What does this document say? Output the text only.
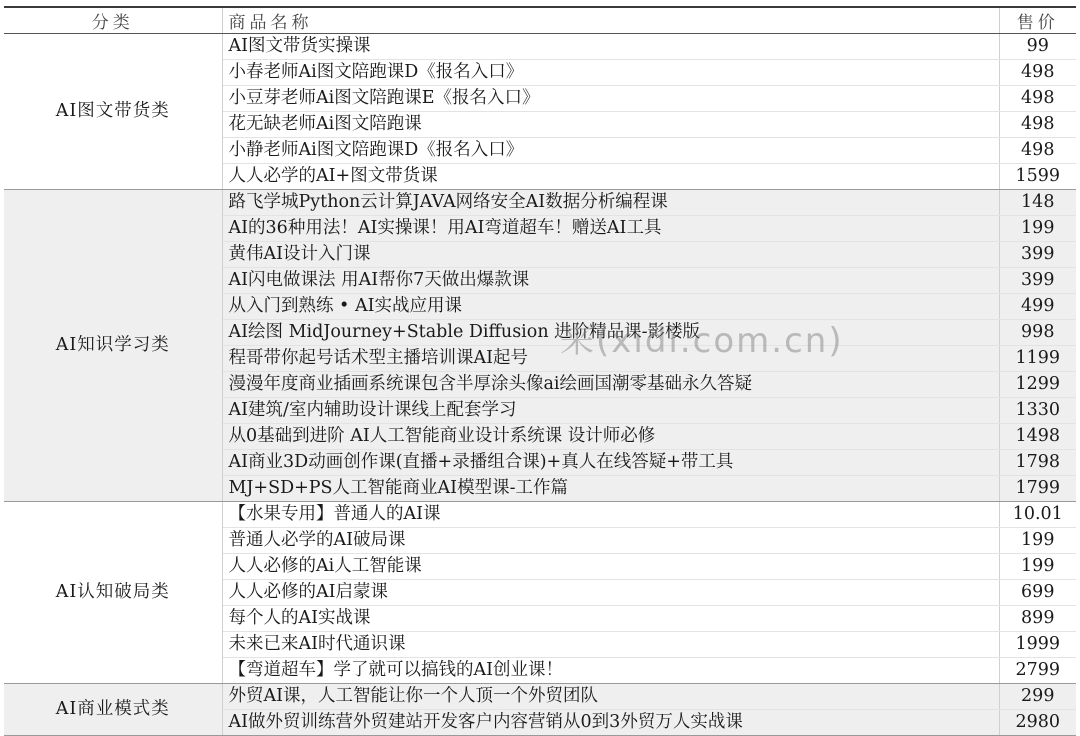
分类	商品名称	售价
AI图文带货类	AI图文带货实操课	99
	小春老师Ai图文陪跑课D《报名入口》	498
	小豆芽老师Ai图文陪跑课E《报名入口》	498
	花无缺老师Ai图文陪跑课	498
	小静老师Ai图文陪跑课D《报名入口》	498
	人人必学的AI+图文带货课	1599
AI知识学习类	路飞学城Python云计算JAVA网络安全AI数据分析编程课	148
	AI的36种用法！AI实操课！用AI弯道超车！赠送AI工具	199
	黄伟AI设计入门课	399
	AI闪电做课法 用AI帮你7天做出爆款课	399
	从入门到熟练 • AI实战应用课	499
	AI绘图 MidJourney+Stable Diffusion 进阶精品课-影楼版	998
	程哥带你起号话术型主播培训课AI起号	1199
	漫漫年度商业插画系统课包含半厚涂头像ai绘画国潮零基础永久答疑	1299
	AI建筑/室内辅助设计课线上配套学习	1330
	从0基础到进阶 AI人工智能商业设计系统课 设计师必修	1498
	AI商业3D动画创作课(直播+录播组合课)+真人在线答疑+带工具	1798
	MJ+SD+PS人工智能商业AI模型课-工作篇	1799
AI认知破局类	【水果专用】普通人的AI课	10.01
	普通人必学的AI破局课	199
	人人必修的Ai人工智能课	199
	人人必修的AI启蒙课	699
	每个人的AI实战课	899
	未来已来AI时代通识课	1999
	【弯道超车】学了就可以搞钱的AI创业课！	2799
AI商业模式类	外贸AI课，人工智能让你一个人顶一个外贸团队	299
	AI做外贸训练营外贸建站开发客户内容营销从0到3外贸万人实战课	2980
来(xidi.com.cn)
